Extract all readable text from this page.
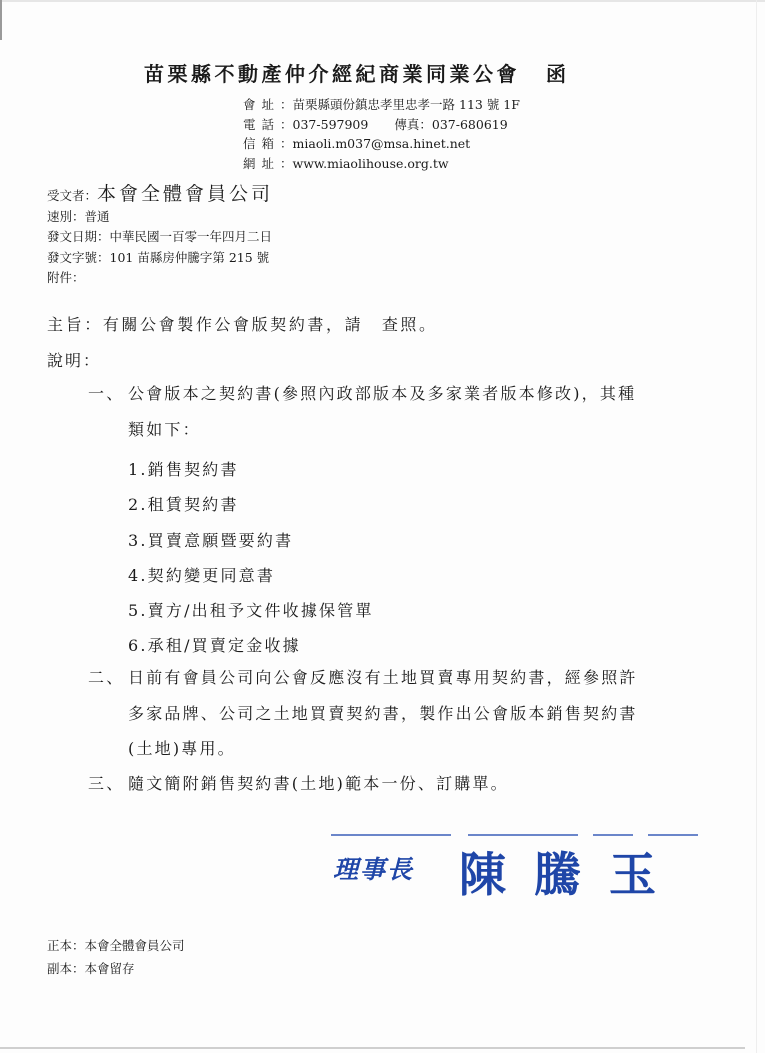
苗栗縣不動產仲介經紀商業同業公會 函
會址：苗栗縣頭份鎮忠孝里忠孝一路 113 號 1F
電話：037-597909 傳真：037-680619
信箱：miaoli.m037@msa.hinet.net
網址：www.miaolihouse.org.tw
受文者：本會全體會員公司
速別：普通
發文日期：中華民國一百零一年四月二日
發文字號：101 苗縣房仲騰字第 215 號
附件：
主旨：有關公會製作公會版契約書，請　查照。
說明：
一、 公會版本之契約書(參照內政部版本及多家業者版本修改)，其種
類如下：
1.銷售契約書
2.租賃契約書
3.買賣意願暨要約書
4.契約變更同意書
5.賣方/出租予文件收據保管單
6.承租/買賣定金收據
二、 日前有會員公司向公會反應沒有土地買賣專用契約書，經參照許
多家品牌、公司之土地買賣契約書，製作出公會版本銷售契約書
(土地)專用。
三、 隨文簡附銷售契約書(土地)範本一份、訂購單。
理事長 陳騰玉
正本：本會全體會員公司
副本：本會留存
